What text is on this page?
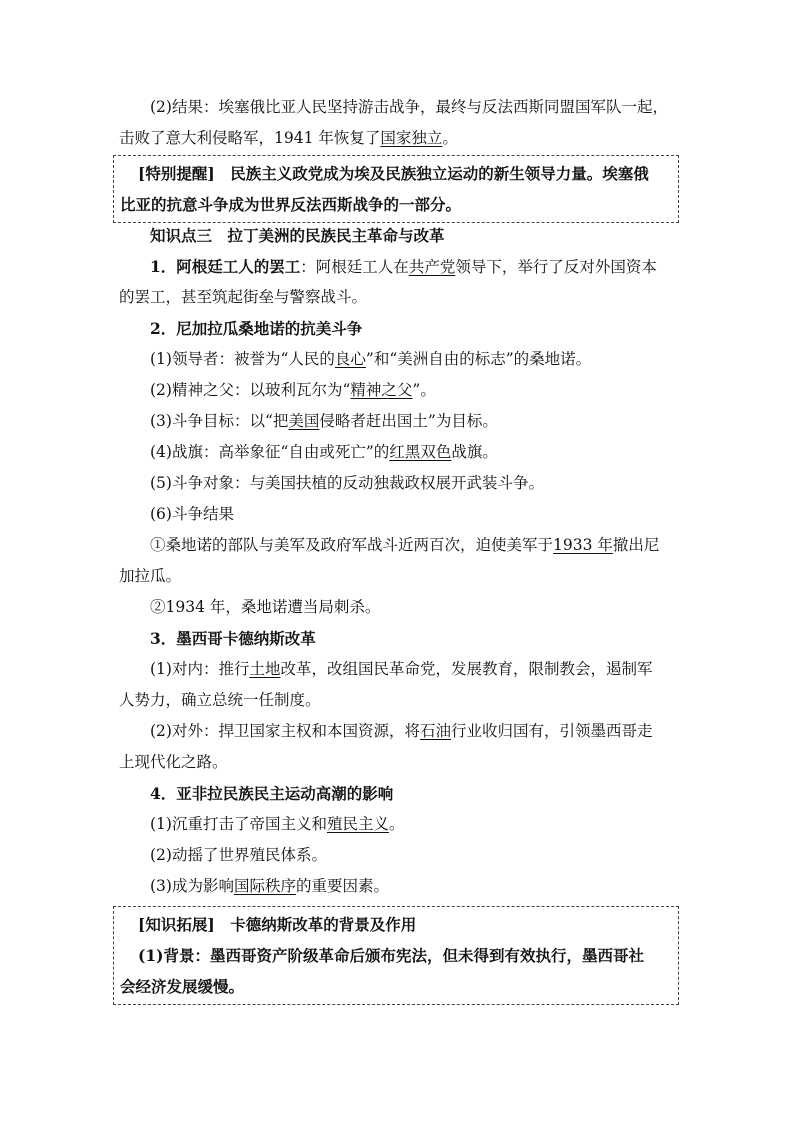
(2)结果：埃塞俄比亚人民坚持游击战争，最终与反法西斯同盟国军队一起，
击败了意大利侵略军，1941 年恢复了国家独立。
[特别提醒]　 民族主义政党成为埃及民族独立运动的新生领导力量。埃塞俄
比亚的抗意斗争成为世界反法西斯战争的一部分。
知识点三　拉丁美洲的民族民主革命与改革
1．阿根廷工人的罢工：阿根廷工人在共产党领导下，举行了反对外国资本
的罢工，甚至筑起街垒与警察战斗。
2．尼加拉瓜桑地诺的抗美斗争
(1)领导者：被誉为“人民的良心”和“美洲自由的标志”的桑地诺。
(2)精神之父：以玻利瓦尔为“精神之父”。
(3)斗争目标：以“把美国侵略者赶出国土”为目标。
(4)战旗：高举象征“自由或死亡”的红黑双色战旗。
(5)斗争对象：与美国扶植的反动独裁政权展开武装斗争。
(6)斗争结果
①桑地诺的部队与美军及政府军战斗近两百次，迫使美军于1933 年撤出尼
加拉瓜。
②1934 年，桑地诺遭当局刺杀。
3．墨西哥卡德纳斯改革
(1)对内：推行土地改革，改组国民革命党，发展教育，限制教会，遏制军
人势力，确立总统一任制度。
(2)对外：捍卫国家主权和本国资源，将石油行业收归国有，引领墨西哥走
上现代化之路。
4．亚非拉民族民主运动高潮的影响
(1)沉重打击了帝国主义和殖民主义。
(2)动摇了世界殖民体系。
(3)成为影响国际秩序的重要因素。
[知识拓展]　 卡德纳斯改革的背景及作用
(1)背景：墨西哥资产阶级革命后颁布宪法，但未得到有效执行，墨西哥社
会经济发展缓慢。
